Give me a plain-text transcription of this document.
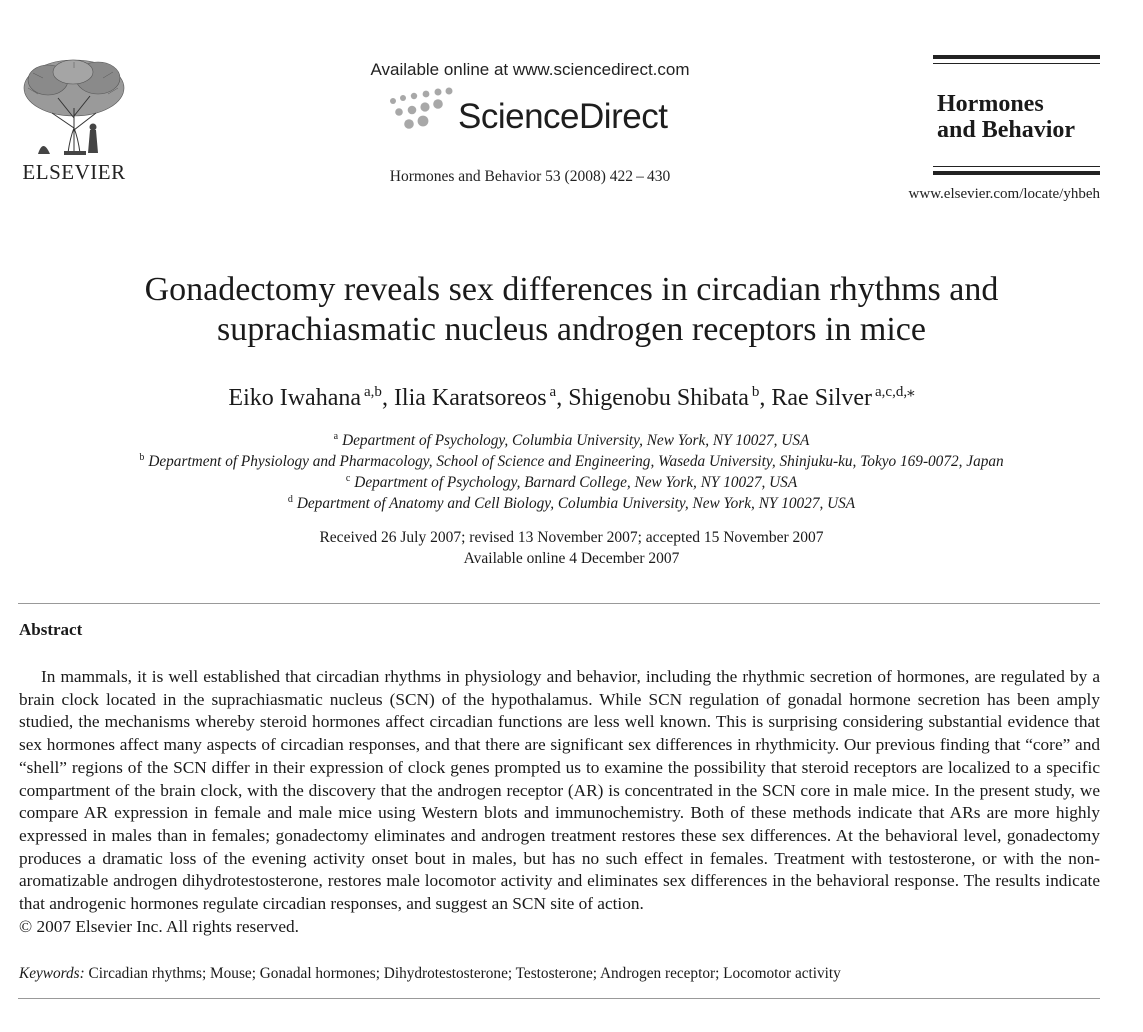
ELSEVIER
Available online at www.sciencedirect.com
ScienceDirect
Hormones and Behavior 53 (2008) 422 – 430
Hormones
and Behavior
www.elsevier.com/locate/yhbeh
Gonadectomy reveals sex differences in circadian rhythms and
suprachiasmatic nucleus androgen receptors in mice
Eiko Iwahana $^{a,b}$, Ilia Karatsoreos $^a$, Shigenobu Shibata $^b$, Rae Silver $^{a,c,d,⁎}$
$^a$ Department of Psychology, Columbia University, New York, NY 10027, USA
$^b$ Department of Physiology and Pharmacology, School of Science and Engineering, Waseda University, Shinjuku-ku, Tokyo 169-0072, Japan
$^c$ Department of Psychology, Barnard College, New York, NY 10027, USA
$^d$ Department of Anatomy and Cell Biology, Columbia University, New York, NY 10027, USA
Received 26 July 2007; revised 13 November 2007; accepted 15 November 2007
Available online 4 December 2007
Abstract
In mammals, it is well established that circadian rhythms in physiology and behavior, including the rhythmic secretion of hormones, are regulated by a brain clock located in the suprachiasmatic nucleus (SCN) of the hypothalamus. While SCN regulation of gonadal hormone secretion has been amply studied, the mechanisms whereby steroid hormones affect circadian functions are less well known. This is surprising considering substantial evidence that sex hormones affect many aspects of circadian responses, and that there are significant sex differences in rhythmicity. Our previous finding that “core” and “shell” regions of the SCN differ in their expression of clock genes prompted us to examine the possibility that steroid receptors are localized to a specific compartment of the brain clock, with the discovery that the androgen receptor (AR) is concentrated in the SCN core in male mice. In the present study, we compare AR expression in female and male mice using Western blots and immunochemistry. Both of these methods indicate that ARs are more highly expressed in males than in females; gonadectomy eliminates and androgen treatment restores these sex differences. At the behavioral level, gonadectomy produces a dramatic loss of the evening activity onset bout in males, but has no such effect in females. Treatment with testosterone, or with the non-aromatizable androgen dihydrotestosterone, restores male locomotor activity and eliminates sex differences in the behavioral response. The results indicate that androgenic hormones regulate circadian responses, and suggest an SCN site of action.
© 2007 Elsevier Inc. All rights reserved.
Keywords: Circadian rhythms; Mouse; Gonadal hormones; Dihydrotestosterone; Testosterone; Androgen receptor; Locomotor activity
